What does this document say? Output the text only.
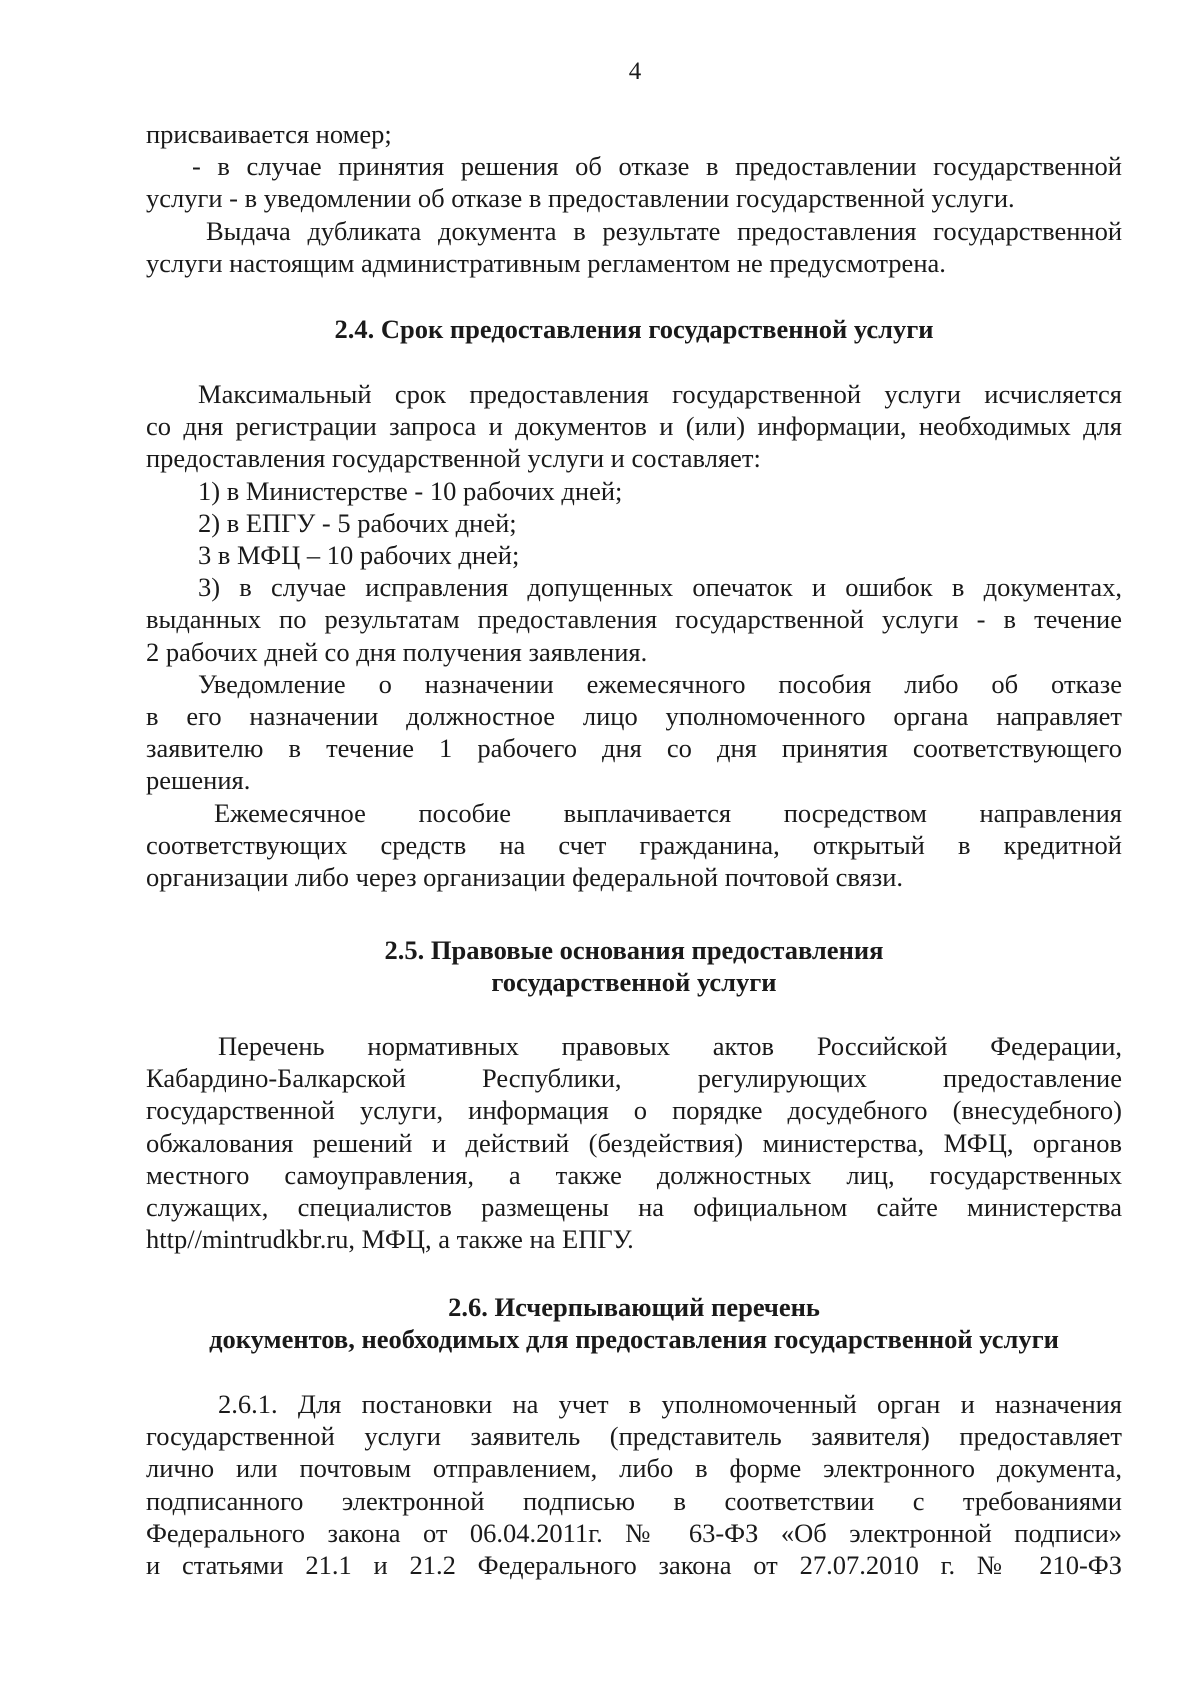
4
присваивается номер;
- в случае принятия решения об отказе в предоставлении государственной
услуги - в уведомлении об отказе в предоставлении государственной услуги.
Выдача дубликата документа в результате предоставления государственной
услуги настоящим административным регламентом не предусмотрена.
2.4. Срок предоставления государственной услуги
Максимальный срок предоставления государственной услуги исчисляется
со дня регистрации запроса и документов и (или) информации, необходимых для
предоставления государственной услуги и составляет:
1) в Министерстве - 10 рабочих дней;
2) в ЕПГУ - 5 рабочих дней;
3 в МФЦ – 10 рабочих дней;
3) в случае исправления допущенных опечаток и ошибок в документах,
выданных по результатам предоставления государственной услуги - в течение
2 рабочих дней со дня получения заявления.
Уведомление о назначении ежемесячного пособия либо об отказе
в его назначении должностное лицо уполномоченного органа направляет
заявителю в течение 1 рабочего дня со дня принятия соответствующего
решения.
Ежемесячное пособие выплачивается посредством направления
соответствующих средств на счет гражданина, открытый в кредитной
организации либо через организации федеральной почтовой связи.
2.5. Правовые основания предоставления
государственной услуги
Перечень нормативных правовых актов Российской Федерации,
Кабардино-Балкарской Республики, регулирующих предоставление
государственной услуги, информация о порядке досудебного (внесудебного)
обжалования решений и действий (бездействия) министерства, МФЦ, органов
местного самоуправления, а также должностных лиц, государственных
служащих, специалистов размещены на официальном сайте министерства
http//mintrudkbr.ru, МФЦ, а также на ЕПГУ.
2.6. Исчерпывающий перечень
документов, необходимых для предоставления государственной услуги
2.6.1. Для постановки на учет в уполномоченный орган и назначения
государственной услуги заявитель (представитель заявителя) предоставляет
лично или почтовым отправлением, либо в форме электронного документа,
подписанного электронной подписью в соответствии с требованиями
Федерального закона от 06.04.2011г. № 63-ФЗ «Об электронной подписи»
и статьями 21.1 и 21.2 Федерального закона от 27.07.2010 г. № 210-ФЗ
